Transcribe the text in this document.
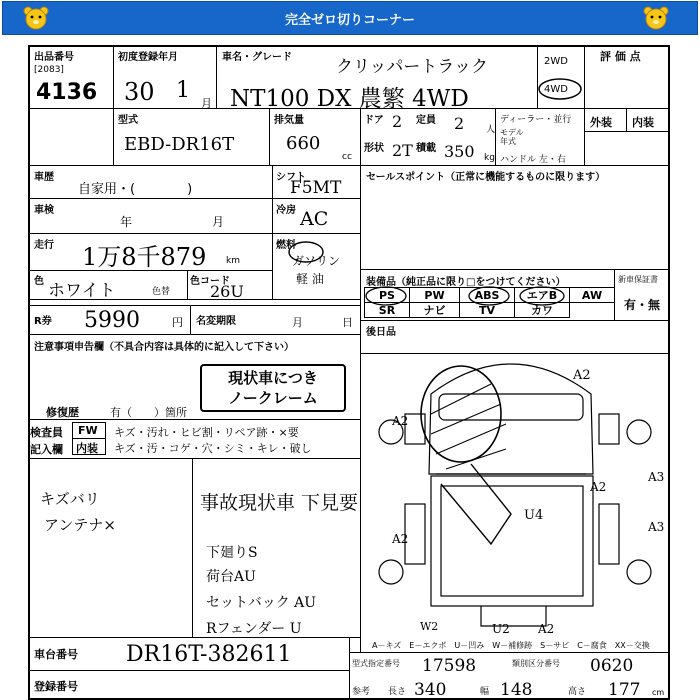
完全ゼロ切りコーナー
出品番号
[2083]
4136
初度登録年月
30 1
月
車名・グレード	クリッパートラック
NT100 DX 農繁 4WD
2WD
4WD
評 価 点
型式
EBD-DR16T
排気量
660
cc
ドア 2 定員 2 人
形状 2T 積載 350 kg
ディーラー・並行
モデル年式
ハンドル 左・右
外装 内装
車歴
自家用・(　　　　)
シフト
F5MT
車検
年	月
冷房 AC
走行 1万8千879 km
燃料
ガソリン
軽 油
色 ホワイト	色替
色コード
26U
R券 5990	円 名変期限	月	日
セールスポイント（正常に機能するものに限ります）
装備品（純正品に限り□をつけてください）
PS	PW	ABS	エアB	AW
SR	ナビ	TV	カワ
新車保証書
有・無
後日品
注意事項申告欄（不具合内容は具体的に記入して下さい）
現状車につき
ノークレーム
修復歴	有（　　）箇所
検査員
記入欄
FW
内装
キズ・汚れ・ヒビ割・リペア跡・×要
キズ・汚・コゲ・穴・シミ・キレ・破し
キズバリ
アンテナ×
事故現状車 下見要
下廻りS
荷台AU
セットバック AU
Rフェンダー U
A2
A3
U4
A2
A2
W2	U2 A2
A3
A2
A－キズ　E－エクボ　U－凹み　W－補修跡　S－サビ　C－腐食　XX－交換
車台番号 DR16T-382611
登録番号
型式指定番号 17598	類別区分番号 0620
参考 長さ 340	幅 148	高さ 177 cm
